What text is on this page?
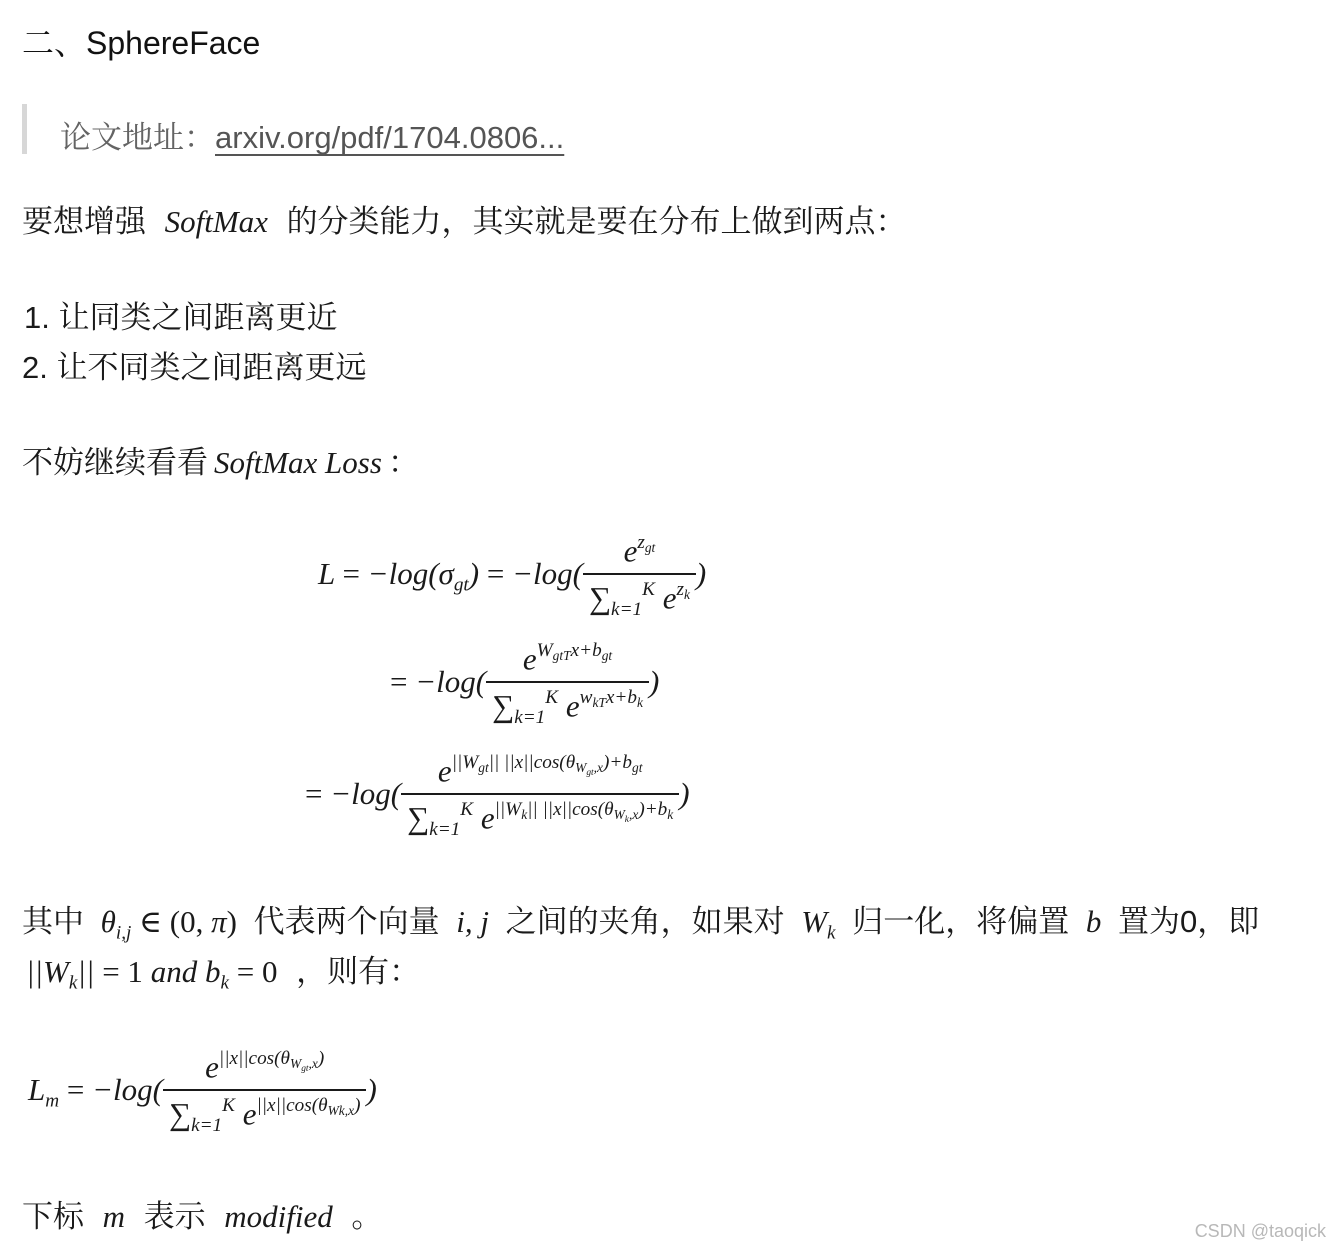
二、SphereFace
论文地址：arxiv.org/pdf/1704.0806...
要想增强 SoftMax 的分类能力，其实就是要在分布上做到两点：
1. 让同类之间距离更近
2. 让不同类之间距离更远
不妨继续看看 SoftMax Loss ：
$L = -\log(\sigma_{gt}) = -\log( \frac{e^{z_{gt}}}{\sum_{k=1}^K e^{z_k}}$ )
= $-\log( \frac{e^{W_{gtT}x+b_{gt}}}{\sum_{k=1}^K e^{w_{kT}x+b_k}}$ )
= $-\log( \frac{e^{||W_{gt}|| ||x||cos(\theta_{W_{gt},x})+b_{gt}}}{\sum_{k=1}^K e^{||W_k|| ||x||cos(\theta_{W_k,x})+b_k}}$ )
其中 $\theta_{i,j}$ ∈ (0, π) 代表两个向量 i, j 之间的夹角，如果对 $W_k$ 归一化，将偏置 b 置为0，即
$||W_k|| = 1$ and $b_k = 0$ ，则有：
$L_m = -\log( \frac{e^{||x||cos(\theta_{W_{gt},x})}}{\sum_{k=1}^K e^{||x||cos(\theta_{Wk,x})}}$ )
下标 m 表示 modified 。	CSDN @taoqick
